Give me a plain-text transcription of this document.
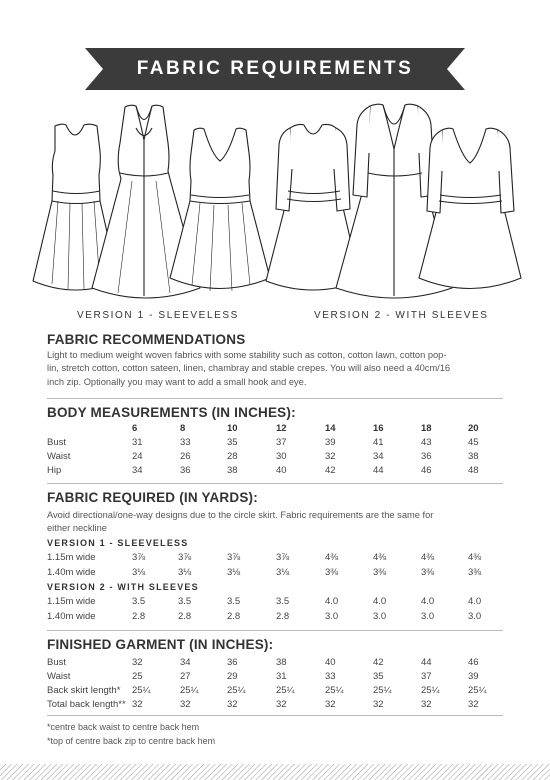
FABRIC REQUIREMENTS
VERSION 1 - SLEEVELESS	VERSION 2 - WITH SLEEVES
FABRIC RECOMMENDATIONS
Light to medium weight woven fabrics with some stability such as cotton, cotton lawn, cotton pop-
lin, stretch cotton, cotton sateen, linen, chambray and stable crepes. You will also need a 40cm/16
inch zip. Optionally you may want to add a small hook and eye.
BODY MEASUREMENTS (IN INCHES):
6	8	10	12	14	16	18	20
Bust	31	33	35	37	39	41	43	45
Waist	24	26	28	30	32	34	36	38
Hip	34	36	38	40	42	44	46	48
FABRIC REQUIRED (IN YARDS):
Avoid directional/one-way designs due to the circle skirt. Fabric requirements are the same for
either neckline
VERSION 1 - SLEEVELESS
1.15m wide	3⅞	3⅞	3⅞	3⅞	4⅜	4⅜	4⅜	4⅜
1.40m wide	3⅛	3⅛	3⅛	3⅛	3⅜	3⅜	3⅜	3⅜
VERSION 2 - WITH SLEEVES
1.15m wide	3.5	3.5	3.5	3.5	4.0	4.0	4.0	4.0
1.40m wide	2.8	2.8	2.8	2.8	3.0	3.0	3.0	3.0
FINISHED GARMENT (IN INCHES):
Bust	32	34	36	38	40	42	44	46
Waist	25	27	29	31	33	35	37	39
Back skirt length* 25¼	25¼	25¼	25¼	25¼	25¼	25¼	25¼
Total back length** 32	32	32	32	32	32	32	32
*centre back waist to centre back hem
*top of centre back zip to centre back hem
